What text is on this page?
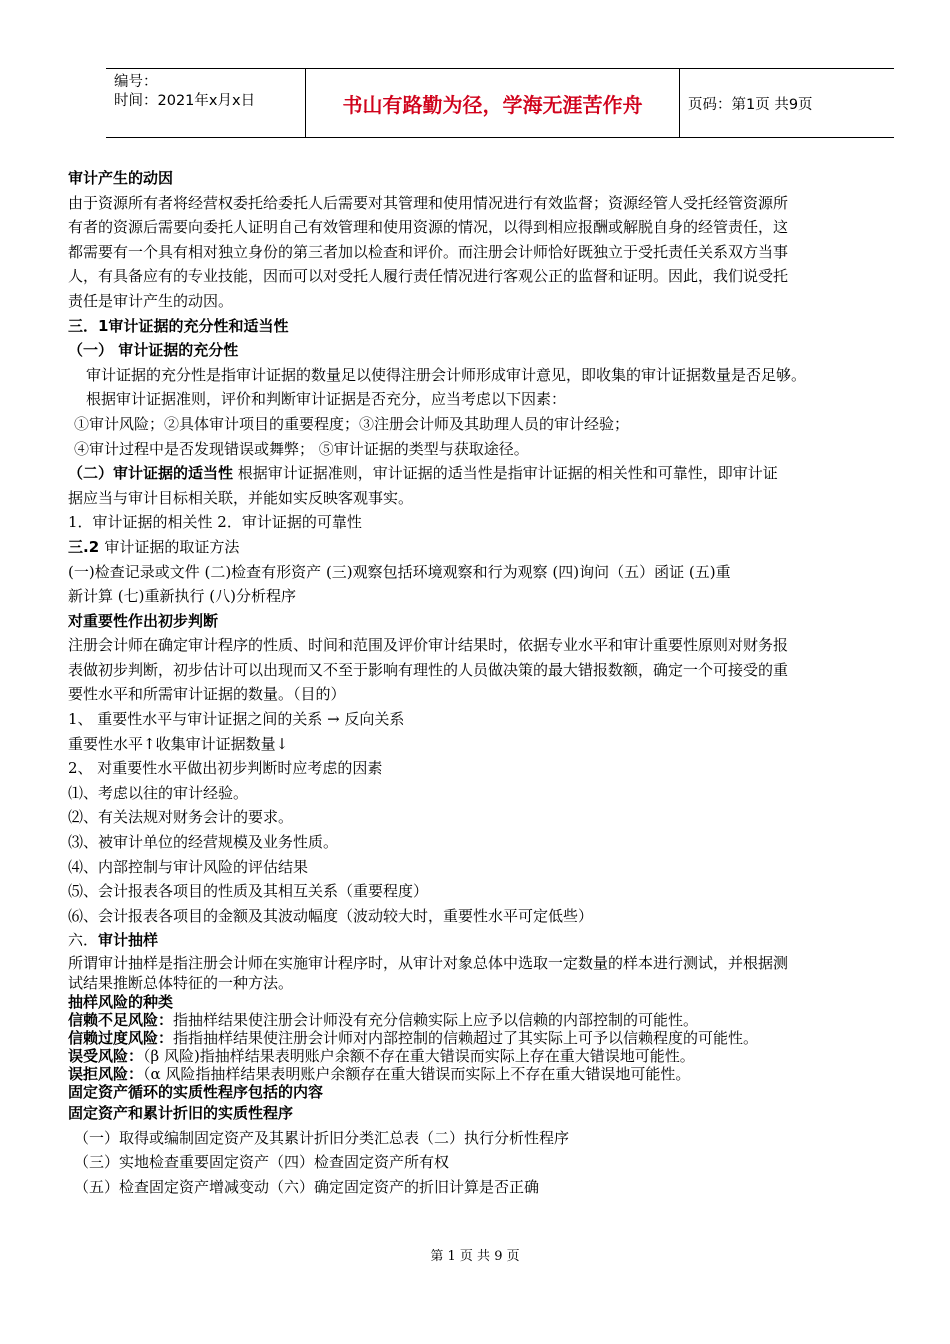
编号：
时间：2021年x月x日	书山有路勤为径，学海无涯苦作舟	页码：第1页 共9页
审计产生的动因
由于资源所有者将经营权委托给委托人后需要对其管理和使用情况进行有效监督；资源经管人受托经管资源所
有者的资源后需要向委托人证明自己有效管理和使用资源的情况，以得到相应报酬或解脱自身的经管责任，这
都需要有一个具有相对独立身份的第三者加以检查和评价。而注册会计师恰好既独立于受托责任关系双方当事
人，有具备应有的专业技能，因而可以对受托人履行责任情况进行客观公正的监督和证明。因此，我们说受托
责任是审计产生的动因。
三．1审计证据的充分性和适当性
（一） 审计证据的充分性
审计证据的充分性是指审计证据的数量足以使得注册会计师形成审计意见，即收集的审计证据数量是否足够。
根据审计证据准则，评价和判断审计证据是否充分，应当考虑以下因素：
①审计风险；②具体审计项目的重要程度；③注册会计师及其助理人员的审计经验；
④审计过程中是否发现错误或舞弊； ⑤审计证据的类型与获取途径。
（二）审计证据的适当性 根据审计证据准则，审计证据的适当性是指审计证据的相关性和可靠性，即审计证
据应当与审计目标相关联，并能如实反映客观事实。
1．审计证据的相关性 2．审计证据的可靠性
三.2 审计证据的取证方法
(一)检查记录或文件 (二)检查有形资产 (三)观察包括环境观察和行为观察 (四)询问（五）函证 (五)重
新计算 (七)重新执行 (八)分析程序
对重要性作出初步判断
注册会计师在确定审计程序的性质、时间和范围及评价审计结果时，依据专业水平和审计重要性原则对财务报
表做初步判断，初步估计可以出现而又不至于影响有理性的人员做决策的最大错报数额，确定一个可接受的重
要性水平和所需审计证据的数量。（目的）
1、 重要性水平与审计证据之间的关系 → 反向关系
重要性水平↑收集审计证据数量↓
2、 对重要性水平做出初步判断时应考虑的因素
⑴、考虑以往的审计经验。
⑵、有关法规对财务会计的要求。
⑶、被审计单位的经营规模及业务性质。
⑷、内部控制与审计风险的评估结果
⑸、会计报表各项目的性质及其相互关系（重要程度）
⑹、会计报表各项目的金额及其波动幅度（波动较大时，重要性水平可定低些）
六．审计抽样
所谓审计抽样是指注册会计师在实施审计程序时，从审计对象总体中选取一定数量的样本进行测试，并根据测
试结果推断总体特征的一种方法。
抽样风险的种类
信赖不足风险：指抽样结果使注册会计师没有充分信赖实际上应予以信赖的内部控制的可能性。
信赖过度风险：指指抽样结果使注册会计师对内部控制的信赖超过了其实际上可予以信赖程度的可能性。
误受风险：（β 风险)指抽样结果表明账户余额不存在重大错误而实际上存在重大错误地可能性。
误拒风险：（α 风险指抽样结果表明账户余额存在重大错误而实际上不存在重大错误地可能性。
固定资产循环的实质性程序包括的内容
固定资产和累计折旧的实质性程序
（一）取得或编制固定资产及其累计折旧分类汇总表（二）执行分析性程序
（三）实地检查重要固定资产（四）检查固定资产所有权
（五）检查固定资产增减变动（六）确定固定资产的折旧计算是否正确
第 1 页 共 9 页
